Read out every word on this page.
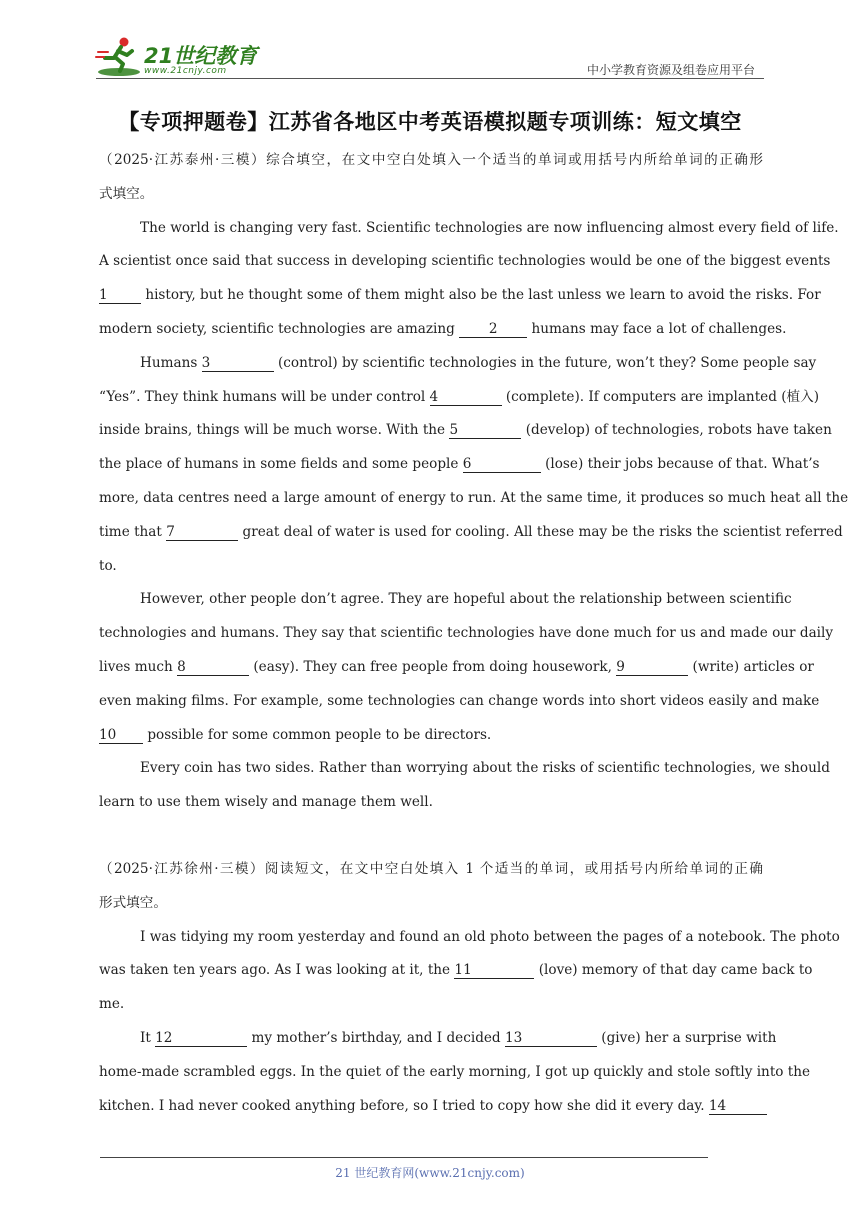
21世纪教育
www.21cnjy.com	中小学教育资源及组卷应用平台
【专项押题卷】江苏省各地区中考英语模拟题专项训练：短文填空
（2025·江苏泰州·三模）综合填空，在文中空白处填入一个适当的单词或用括号内所给单词的正确形
式填空。
The world is changing very fast. Scientific technologies are now influencing almost every field of life.
A scientist once said that success in developing scientific technologies would be one of the biggest events
1 history, but he thought some of them might also be the last unless we learn to avoid the risks. For
modern society, scientific technologies are amazing 2 humans may face a lot of challenges.
Humans 3	(control) by scientific technologies in the future, won’t they? Some people say
“Yes”. They think humans will be under control 4	(complete). If computers are implanted (植入)
inside brains, things will be much worse. With the 5	(develop) of technologies, robots have taken
the place of humans in some fields and some people 6	(lose) their jobs because of that. What’s
more, data centres need a large amount of energy to run. At the same time, it produces so much heat all the
time that 7	great deal of water is used for cooling. All these may be the risks the scientist referred
to.
However, other people don’t agree. They are hopeful about the relationship between scientific
technologies and humans. They say that scientific technologies have done much for us and made our daily
lives much 8	(easy). They can free people from doing housework, 9	(write) articles or
even making films. For example, some technologies can change words into short videos easily and make
10 possible for some common people to be directors.
Every coin has two sides. Rather than worrying about the risks of scientific technologies, we should
learn to use them wisely and manage them well.
（2025·江苏徐州·三模）阅读短文，在文中空白处填入 1 个适当的单词，或用括号内所给单词的正确
形式填空。
I was tidying my room yesterday and found an old photo between the pages of a notebook. The photo
was taken ten years ago. As I was looking at it, the 11	(love) memory of that day came back to
me.
It 12	my mother’s birthday, and I decided 13	(give) her a surprise with
home-made scrambled eggs. In the quiet of the early morning, I got up quickly and stole softly into the
kitchen. I had never cooked anything before, so I tried to copy how she did it every day. 14
21 世纪教育网(www.21cnjy.com)
